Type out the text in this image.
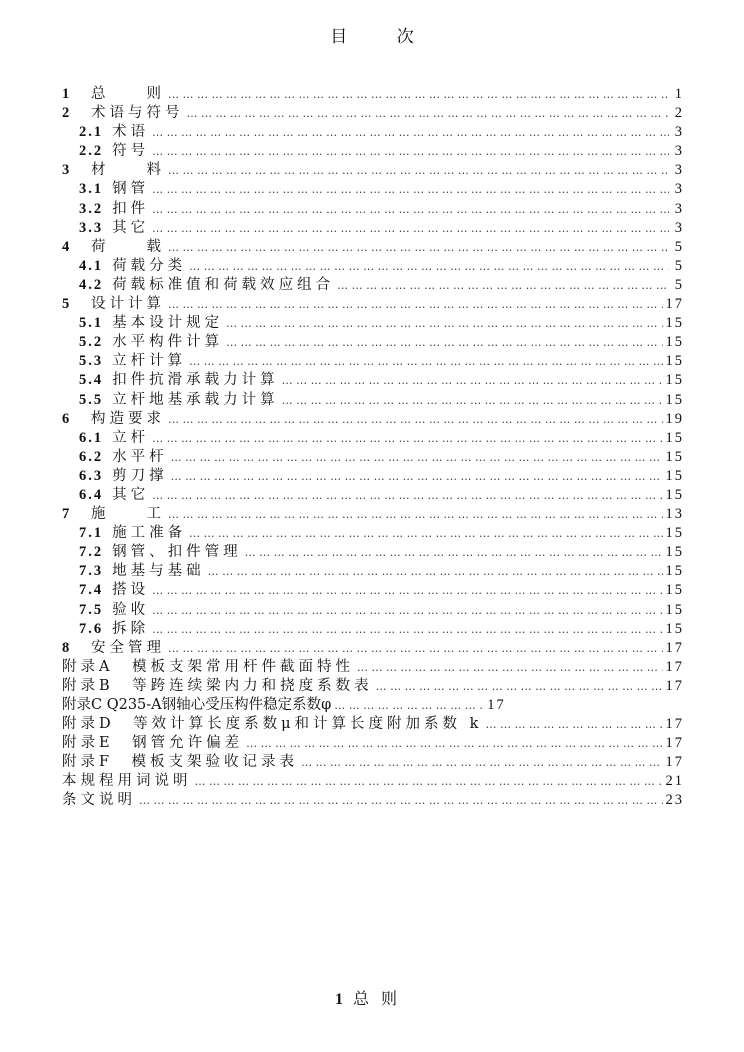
目 次
1	总　　则 … … … … … … … … … … … … … … … … … … … … … … … … … … … … … … … … … … … … … … … … … … … … … … … … … … … … … … … … …	1
2	术语与符号 … … … … … … … … … … … … … … … … … … … … … … … … … … … … … … … … … … … … … … … … … … … … … … … … … … … … … … … … …	2
2.1 术语 … … … … … … … … … … … … … … … … … … … … … … … … … … … … … … … … … … … … … … … … … … … … … … … … … … … … … … … … …	3
2.2 符号 … … … … … … … … … … … … … … … … … … … … … … … … … … … … … … … … … … … … … … … … … … … … … … … … … … … … … … … … …	3
3	材　　料 … … … … … … … … … … … … … … … … … … … … … … … … … … … … … … … … … … … … … … … … … … … … … … … … … … … … … … … … …	3
3.1 钢管 … … … … … … … … … … … … … … … … … … … … … … … … … … … … … … … … … … … … … … … … … … … … … … … … … … … … … … … … …	3
3.2 扣件 … … … … … … … … … … … … … … … … … … … … … … … … … … … … … … … … … … … … … … … … … … … … … … … … … … … … … … … … …	3
3.3 其它 … … … … … … … … … … … … … … … … … … … … … … … … … … … … … … … … … … … … … … … … … … … … … … … … … … … … … … … … …	3
4	荷　　载 … … … … … … … … … … … … … … … … … … … … … … … … … … … … … … … … … … … … … … … … … … … … … … … … … … … … … … … … …	5
4.1 荷载分类 … … … … … … … … … … … … … … … … … … … … … … … … … … … … … … … … … … … … … … … … … … … … … … … … … … … … … … … … …	5
4.2 荷载标准值和荷载效应组合 … … … … … … … … … … … … … … … … … … … … … … … … … … … … … … … … … … … … … … … … … … … … … … … … … … … … … … … … …	5
5	设计计算 … … … … … … … … … … … … … … … … … … … … … … … … … … … … … … … … … … … … … … … … … … … … … … … … … … … … … … … … …	17
5.1 基本设计规定 … … … … … … … … … … … … … … … … … … … … … … … … … … … … … … … … … … … … … … … … … … … … … … … … … … … … … … … … …	15
5.2 水平构件计算 … … … … … … … … … … … … … … … … … … … … … … … … … … … … … … … … … … … … … … … … … … … … … … … … … … … … … … … … …	15
5.3 立杆计算 … … … … … … … … … … … … … … … … … … … … … … … … … … … … … … … … … … … … … … … … … … … … … … … … … … … … … … … … …	15
5.4 扣件抗滑承载力计算 … … … … … … … … … … … … … … … … … … … … … … … … … … … … … … … … … … … … … … … … … … … … … … … … … … … … … … … … …	15
5.5 立杆地基承载力计算 … … … … … … … … … … … … … … … … … … … … … … … … … … … … … … … … … … … … … … … … … … … … … … … … … … … … … … … … …	15
6	构造要求 … … … … … … … … … … … … … … … … … … … … … … … … … … … … … … … … … … … … … … … … … … … … … … … … … … … … … … … … …	19
6.1 立杆 … … … … … … … … … … … … … … … … … … … … … … … … … … … … … … … … … … … … … … … … … … … … … … … … … … … … … … … … …	15
6.2 水平杆 … … … … … … … … … … … … … … … … … … … … … … … … … … … … … … … … … … … … … … … … … … … … … … … … … … … … … … … … …	15
6.3 剪刀撑 … … … … … … … … … … … … … … … … … … … … … … … … … … … … … … … … … … … … … … … … … … … … … … … … … … … … … … … … …	15
6.4 其它 … … … … … … … … … … … … … … … … … … … … … … … … … … … … … … … … … … … … … … … … … … … … … … … … … … … … … … … … …	15
7	施　　工 … … … … … … … … … … … … … … … … … … … … … … … … … … … … … … … … … … … … … … … … … … … … … … … … … … … … … … … … …	13
7.1 施工准备 … … … … … … … … … … … … … … … … … … … … … … … … … … … … … … … … … … … … … … … … … … … … … … … … … … … … … … … … …	15
7.2 钢管、扣件管理 … … … … … … … … … … … … … … … … … … … … … … … … … … … … … … … … … … … … … … … … … … … … … … … … … … … … … … … … …	15
7.3 地基与基础 … … … … … … … … … … … … … … … … … … … … … … … … … … … … … … … … … … … … … … … … … … … … … … … … … … … … … … … … …	15
7.4 搭设 … … … … … … … … … … … … … … … … … … … … … … … … … … … … … … … … … … … … … … … … … … … … … … … … … … … … … … … … …	15
7.5 验收 … … … … … … … … … … … … … … … … … … … … … … … … … … … … … … … … … … … … … … … … … … … … … … … … … … … … … … … … …	15
7.6 拆除 … … … … … … … … … … … … … … … … … … … … … … … … … … … … … … … … … … … … … … … … … … … … … … … … … … … … … … … … …	15
8	安全管理 … … … … … … … … … … … … … … … … … … … … … … … … … … … … … … … … … … … … … … … … … … … … … … … … … … … … … … … … …	17
附录A　模板支架常用杆件截面特性 … … … … … … … … … … … … … … … … … … … … … … … … … … … … … … … … … … … … … … … … … … … … … … … … … … … … … … … … …	17
附录B　等跨连续梁内力和挠度系数表 … … … … … … … … … … … … … … … … … … … … … … … … … … … … … … … … … … … … … … … … … … … … … … … … … … … … … … … … …	17
附录C Q235-A钢轴心受压构件稳定系数φ … … … … … … … … … … … … … … … … … … … … … … … … … … … … … … … … … … … … … … … … … … … … … … … … … … … … … … … … …	17
附录D　等效计算长度系数μ和计算长度附加系数 k … … … … … … … … … … … … … … … … … … … … … … … … … … … … … … … … … … … … … … … … … … … … … … … … … … … … … … … … …	17
附录E　钢管允许偏差 … … … … … … … … … … … … … … … … … … … … … … … … … … … … … … … … … … … … … … … … … … … … … … … … … … … … … … … … …	17
附录F　模板支架验收记录表 … … … … … … … … … … … … … … … … … … … … … … … … … … … … … … … … … … … … … … … … … … … … … … … … … … … … … … … … …	17
本规程用词说明 … … … … … … … … … … … … … … … … … … … … … … … … … … … … … … … … … … … … … … … … … … … … … … … … … … … … … … … … …	21
条文说明 … … … … … … … … … … … … … … … … … … … … … … … … … … … … … … … … … … … … … … … … … … … … … … … … … … … … … … … … …	23
1 总则
